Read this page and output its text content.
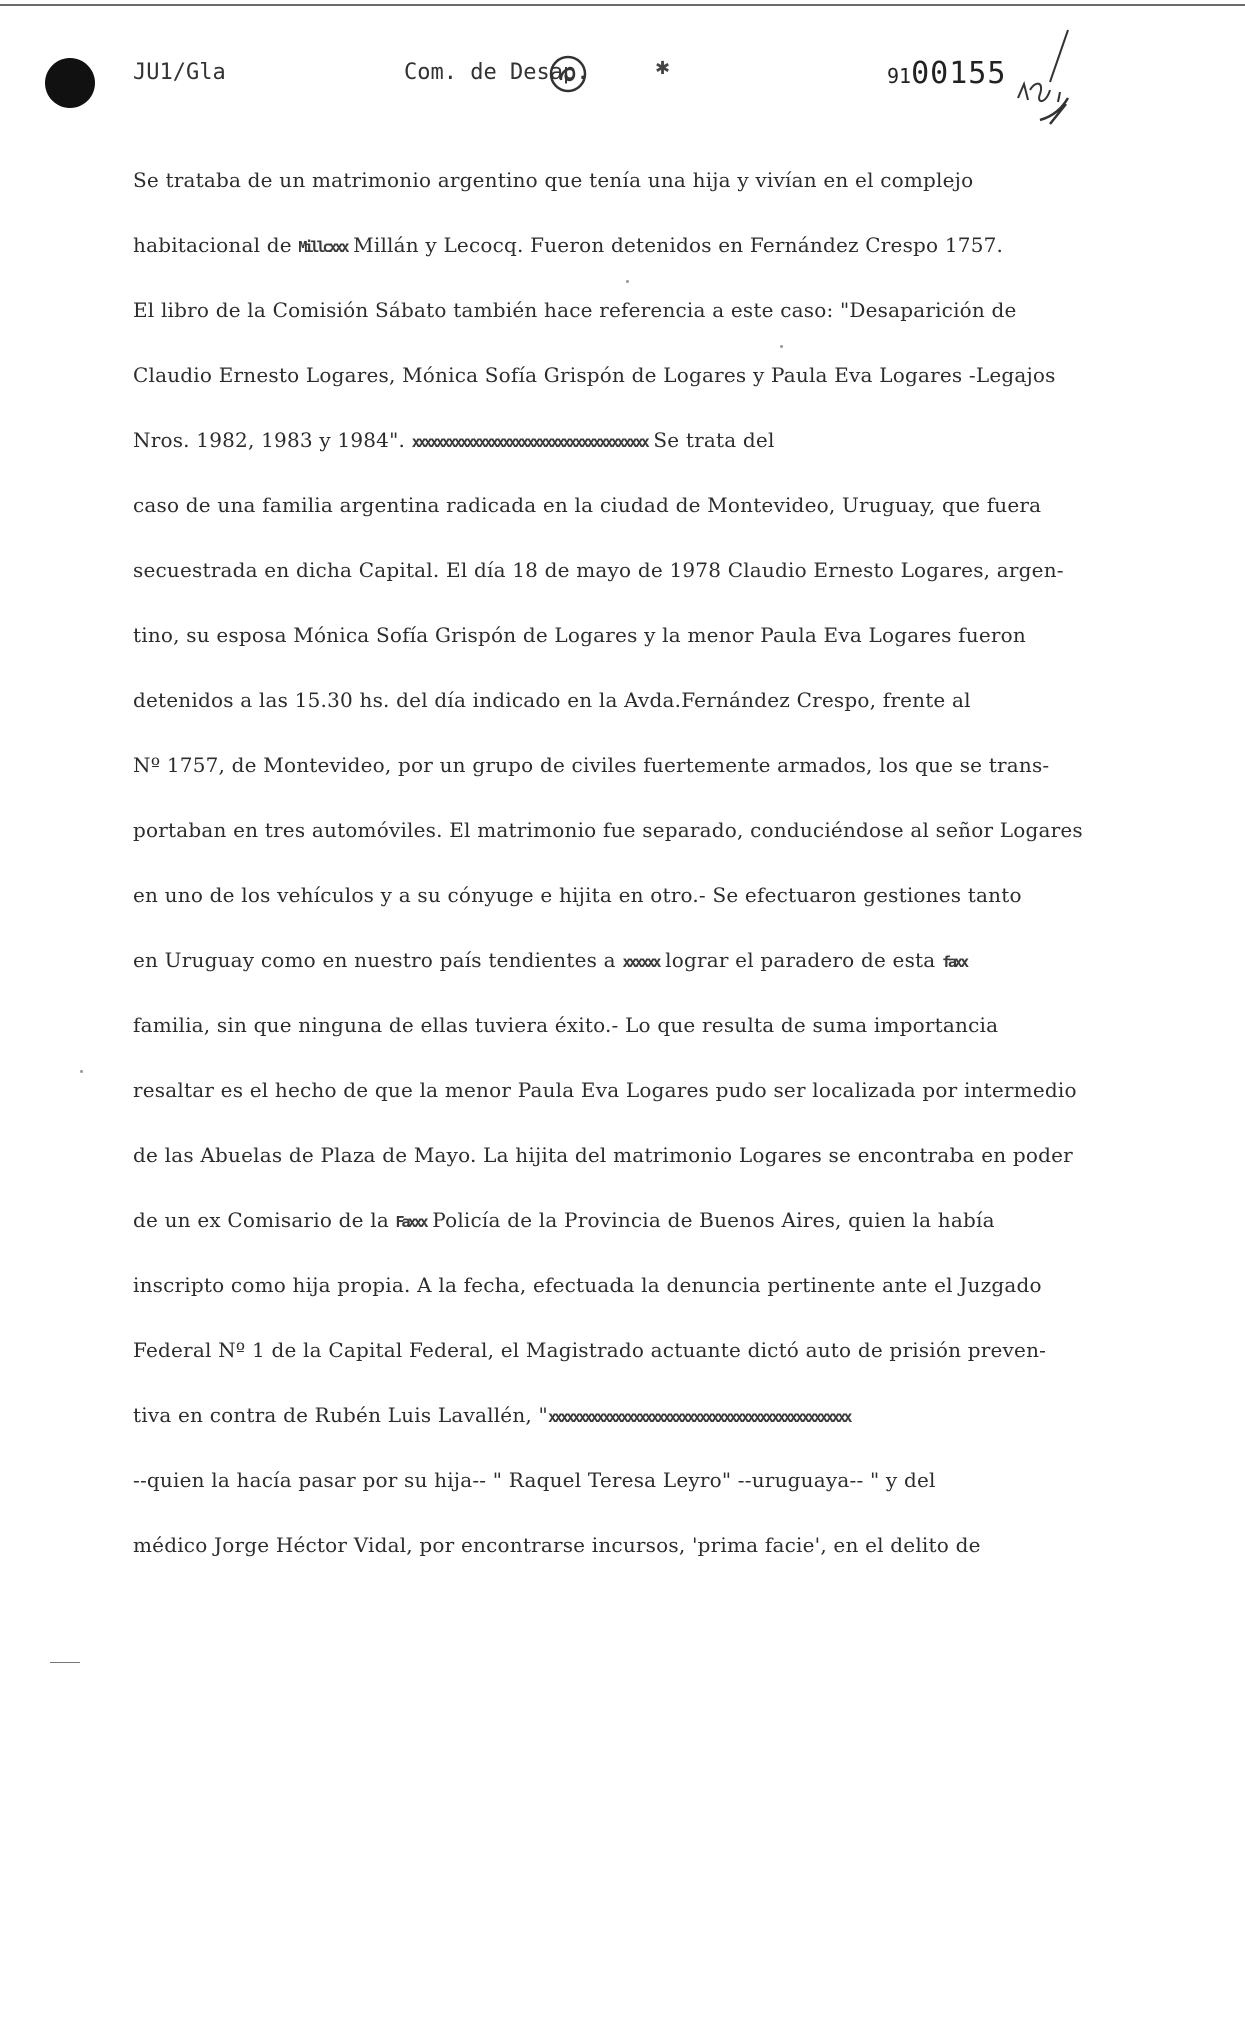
JU1/Gla	Com. de Desap.	✱	9100155
Se trataba de un matrimonio argentino que tenía una hija y vivían en el complejo
habitacional de Millcxxx Millán y Lecocq. Fueron detenidos en Fernández Crespo 1757.
El libro de la Comisión Sábato también hace referencia a este caso: "Desaparición de
Claudio Ernesto Logares, Mónica Sofía Grispón de Logares y Paula Eva Logares -Legajos
Nros. 1982, 1983 y 1984". xxxxxxxxxxxxxxxxxxxxxxxxxxxxxxxxxxxxxxx Se trata del
caso de una familia argentina radicada en la ciudad de Montevideo, Uruguay, que fuera
secuestrada en dicha Capital. El día 18 de mayo de 1978 Claudio Ernesto Logares, argen-
tino, su esposa Mónica Sofía Grispón de Logares y la menor Paula Eva Logares fueron
detenidos a las 15.30 hs. del día indicado en la Avda.Fernández Crespo, frente al
Nº 1757, de Montevideo, por un grupo de civiles fuertemente armados, los que se trans-
portaban en tres automóviles. El matrimonio fue separado, conduciéndose al señor Logares
en uno de los vehículos y a su cónyuge e hijita en otro.- Se efectuaron gestiones tanto
en Uruguay como en nuestro país tendientes a xxxxxx lograr el paradero de esta faxx
familia, sin que ninguna de ellas tuviera éxito.- Lo que resulta de suma importancia
resaltar es el hecho de que la menor Paula Eva Logares pudo ser localizada por intermedio
de las Abuelas de Plaza de Mayo. La hijita del matrimonio Logares se encontraba en poder
de un ex Comisario de la Faxxx Policía de la Provincia de Buenos Aires, quien la había
inscripto como hija propia. A la fecha, efectuada la denuncia pertinente ante el Juzgado
Federal Nº 1 de la Capital Federal, el Magistrado actuante dictó auto de prisión preven-
tiva en contra de Rubén Luis Lavallén, "xxxxxxxxxxxxxxxxxxxxxxxxxxxxxxxxxxxxxxxxxxxxxxxxxx
--quien la hacía pasar por su hija-- " Raquel Teresa Leyro" --uruguaya-- " y del
médico Jorge Héctor Vidal, por encontrarse incursos, 'prima facie', en el delito de
